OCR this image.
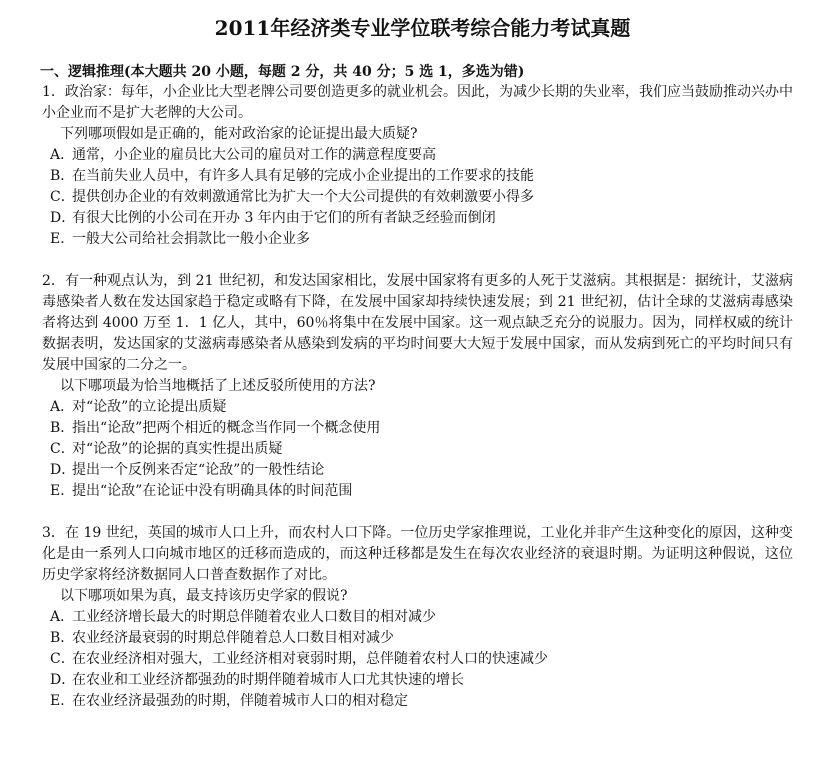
2011年经济类专业学位联考综合能力考试真题
一、逻辑推理(本大题共 20 小题，每题 2 分，共 40 分；5 选 1，多选为错)
1．政治家：每年，小企业比大型老牌公司要创造更多的就业机会。因此，为减少长期的失业率，我们应当鼓励推动兴办中小企业而不是扩大老牌的大公司。
下列哪项假如是正确的，能对政治家的论证提出最大质疑?
A．通常，小企业的雇员比大公司的雇员对工作的满意程度要高
B．在当前失业人员中，有许多人具有足够的完成小企业提出的工作要求的技能
C．提供创办企业的有效刺激通常比为扩大一个大公司提供的有效刺激要小得多
D．有很大比例的小公司在开办 3 年内由于它们的所有者缺乏经验而倒闭
E．一般大公司给社会捐款比一般小企业多
2．有一种观点认为，到 21 世纪初，和发达国家相比，发展中国家将有更多的人死于艾滋病。其根据是：据统计，艾滋病毒感染者人数在发达国家趋于稳定或略有下降，在发展中国家却持续快速发展；到 21 世纪初，估计全球的艾滋病毒感染者将达到 4000 万至 1．1 亿人，其中，60％将集中在发展中国家。这一观点缺乏充分的说服力。因为，同样权威的统计数据表明，发达国家的艾滋病毒感染者从感染到发病的平均时间要大大短于发展中国家，而从发病到死亡的平均时间只有发展中国家的二分之一。
以下哪项最为恰当地概括了上述反驳所使用的方法?
A．对“论敌”的立论提出质疑
B．指出“论敌”把两个相近的概念当作同一个概念使用
C．对“论敌”的论据的真实性提出质疑
D．提出一个反例来否定“论敌”的一般性结论
E．提出“论敌”在论证中没有明确具体的时间范围
3．在 19 世纪，英国的城市人口上升，而农村人口下降。一位历史学家推理说，工业化并非产生这种变化的原因，这种变化是由一系列人口向城市地区的迁移而造成的，而这种迁移都是发生在每次农业经济的衰退时期。为证明这种假说，这位历史学家将经济数据同人口普查数据作了对比。
以下哪项如果为真，最支持该历史学家的假说?
A．工业经济增长最大的时期总伴随着农业人口数目的相对减少
B．农业经济最衰弱的时期总伴随着总人口数目相对减少
C．在农业经济相对强大，工业经济相对衰弱时期，总伴随着农村人口的快速减少
D．在农业和工业经济都强劲的时期伴随着城市人口尤其快速的增长
E．在农业经济最强劲的时期，伴随着城市人口的相对稳定
